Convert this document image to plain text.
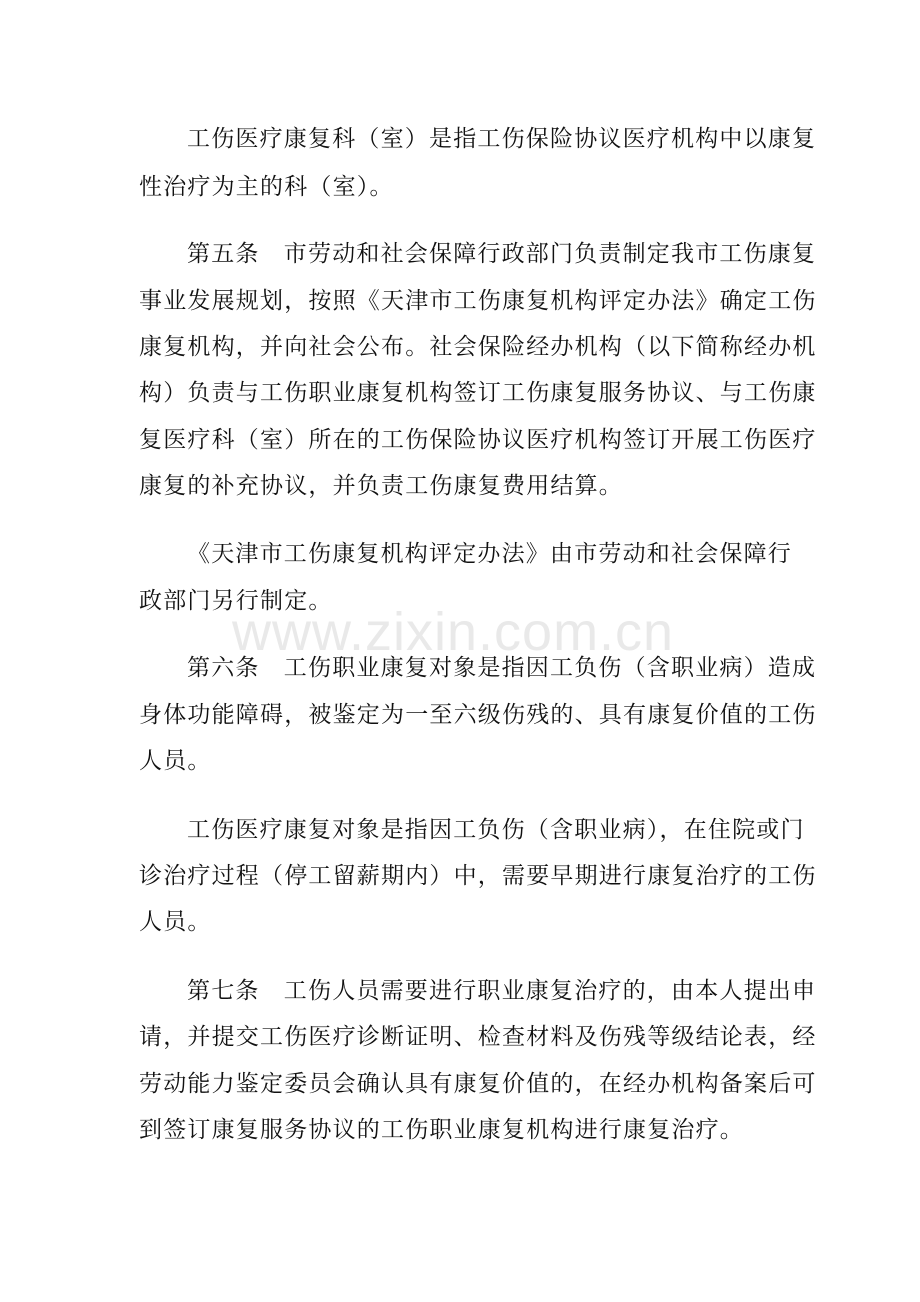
www.zixin.com.cn
工伤医疗康复科（室）是指工伤保险协议医疗机构中以康复
性治疗为主的科（室）。
第五条　市劳动和社会保障行政部门负责制定我市工伤康复
事业发展规划，按照《天津市工伤康复机构评定办法》确定工伤
康复机构，并向社会公布。社会保险经办机构（以下简称经办机
构）负责与工伤职业康复机构签订工伤康复服务协议、与工伤康
复医疗科（室）所在的工伤保险协议医疗机构签订开展工伤医疗
康复的补充协议，并负责工伤康复费用结算。
《天津市工伤康复机构评定办法》由市劳动和社会保障行
政部门另行制定。
第六条　工伤职业康复对象是指因工负伤（含职业病）造成
身体功能障碍，被鉴定为一至六级伤残的、具有康复价值的工伤
人员。
工伤医疗康复对象是指因工负伤（含职业病），在住院或门
诊治疗过程（停工留薪期内）中，需要早期进行康复治疗的工伤
人员。
第七条　工伤人员需要进行职业康复治疗的，由本人提出申
请，并提交工伤医疗诊断证明、检查材料及伤残等级结论表，经
劳动能力鉴定委员会确认具有康复价值的，在经办机构备案后可
到签订康复服务协议的工伤职业康复机构进行康复治疗。
